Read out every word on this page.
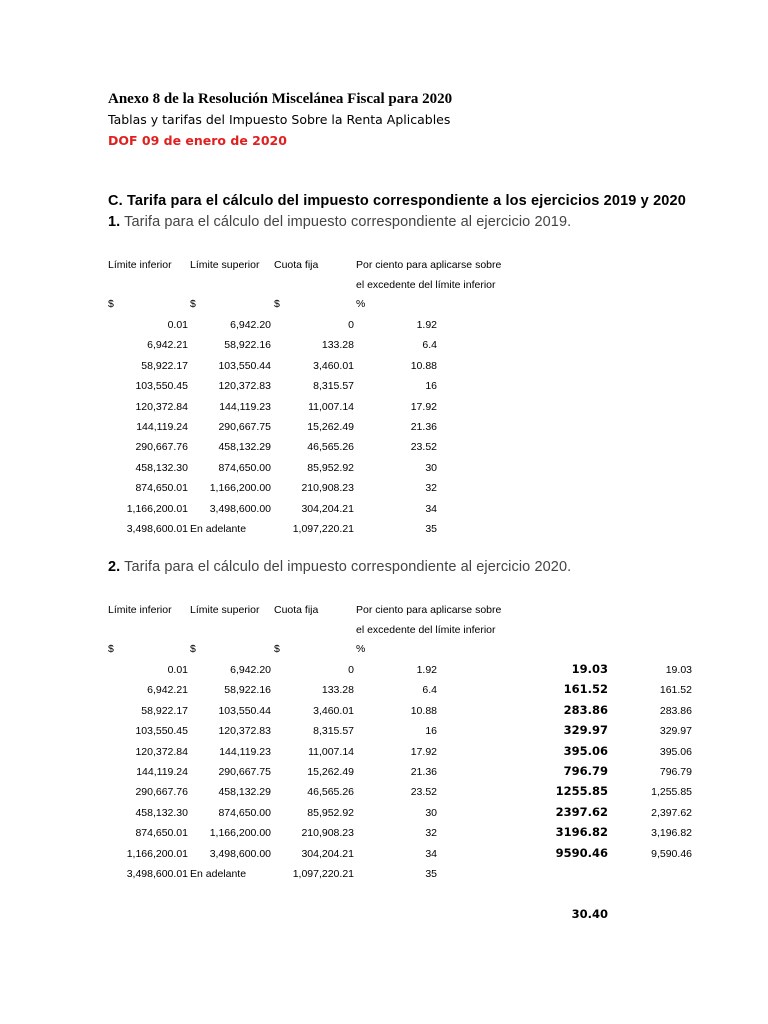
Anexo 8 de la Resolución Miscelánea Fiscal para 2020
Tablas y tarifas del Impuesto Sobre la Renta Aplicables
DOF 09 de enero de 2020
C. Tarifa para el cálculo del impuesto correspondiente a los ejercicios 2019 y 2020
1. Tarifa para el cálculo del impuesto correspondiente al ejercicio 2019.
2. Tarifa para el cálculo del impuesto correspondiente al ejercicio 2020.
Límite inferior Límite superior Cuota fija	Por ciento para aplicarse sobre
el excedente del límite inferior
$	$	$	%
0.01	6,942.20	0	1.92
6,942.21	58,922.16	133.28	6.4
58,922.17	103,550.44	3,460.01	10.88
103,550.45	120,372.83	8,315.57	16
120,372.84	144,119.23	11,007.14	17.92
144,119.24	290,667.75	15,262.49	21.36
290,667.76	458,132.29	46,565.26	23.52
458,132.30	874,650.00	85,952.92	30
874,650.01 1,166,200.00	210,908.23	32
1,166,200.01 3,498,600.00	304,204.21	34
3,498,600.01 En adelante	1,097,220.21	35
Límite inferior Límite superior Cuota fija	Por ciento para aplicarse sobre
el excedente del límite inferior
$	$	$	%
0.01	6,942.20	0	1.92	19.03	19.03
6,942.21	58,922.16	133.28	6.4	161.52	161.52
58,922.17	103,550.44	3,460.01	10.88	283.86	283.86
103,550.45	120,372.83	8,315.57	16	329.97	329.97
120,372.84	144,119.23	11,007.14	17.92	395.06	395.06
144,119.24	290,667.75	15,262.49	21.36	796.79	796.79
290,667.76	458,132.29	46,565.26	23.52	1255.85	1,255.85
458,132.30	874,650.00	85,952.92	30	2397.62	2,397.62
874,650.01 1,166,200.00	210,908.23	32	3196.82	3,196.82
1,166,200.01 3,498,600.00	304,204.21	34	9590.46	9,590.46
3,498,600.01 En adelante	1,097,220.21	35
30.40
